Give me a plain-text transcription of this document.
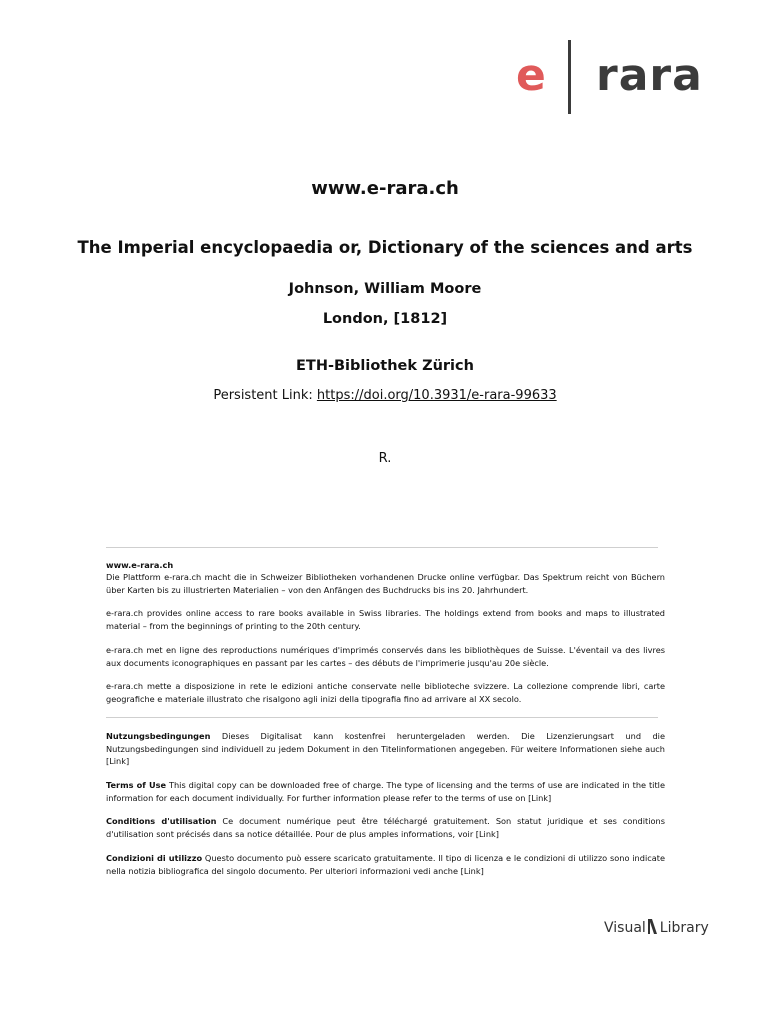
e rara
www.e-rara.ch
The Imperial encyclopaedia or, Dictionary of the sciences and arts
Johnson, William Moore
London, [1812]
ETH-Bibliothek Zürich
Persistent Link: https://doi.org/10.3931/e-rara-99633
R.

www.e-rara.ch

Die Plattform e-rara.ch macht die in Schweizer Bibliotheken vorhandenen Drucke online verfügbar. Das Spektrum reicht von Büchern über Karten bis zu illustrierten Materialien – von den Anfängen des Buchdrucks bis ins 20. Jahrhundert.

e-rara.ch provides online access to rare books available in Swiss libraries. The holdings extend from books and maps to illustrated material – from the beginnings of printing to the 20th century.

e-rara.ch met en ligne des reproductions numériques d'imprimés conservés dans les bibliothèques de Suisse. L'éventail va des livres aux documents iconographiques en passant par les cartes – des débuts de l'imprimerie jusqu'au 20e siècle.

e-rara.ch mette a disposizione in rete le edizioni antiche conservate nelle biblioteche svizzere. La collezione comprende libri, carte geografiche e materiale illustrato che risalgono agli inizi della tipografia fino ad arrivare al XX secolo.

Nutzungsbedingungen Dieses Digitalisat kann kostenfrei heruntergeladen werden. Die Lizenzierungsart und die Nutzungsbedingungen sind individuell zu jedem Dokument in den Titelinformationen angegeben. Für weitere Informationen siehe auch [Link]

Terms of Use This digital copy can be downloaded free of charge. The type of licensing and the terms of use are indicated in the title information for each document individually. For further information please refer to the terms of use on [Link]

Conditions d'utilisation Ce document numérique peut être téléchargé gratuitement. Son statut juridique et ses conditions d'utilisation sont précisés dans sa notice détaillée. Pour de plus amples informations, voir [Link]

Condizioni di utilizzo Questo documento può essere scaricato gratuitamente. Il tipo di licenza e le condizioni di utilizzo sono indicate nella notizia bibliografica del singolo documento. Per ulteriori informazioni vedi anche [Link]

Visual Library
